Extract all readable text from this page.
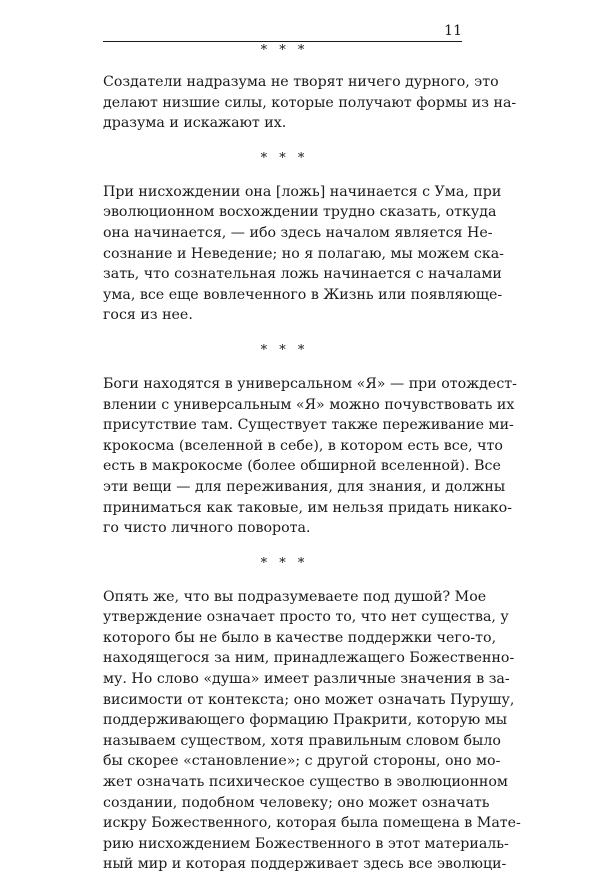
11
* * *

Создатели надразума не творят ничего дурного, это
делают низшие силы, которые получают формы из на-
дразума и искажают их.

* * *

При нисхождении она [ложь] начинается с Ума, при
эволюционном восхождении трудно сказать, откуда
она начинается, — ибо здесь началом является Не-
сознание и Неведение; но я полагаю, мы можем ска-
зать, что сознательная ложь начинается с началами
ума, все еще вовлеченного в Жизнь или появляюще-
гося из нее.

* * *

Боги находятся в универсальном «Я» — при отождест-
влении с универсальным «Я» можно почувствовать их
присутствие там. Существует также переживание ми-
крокосма (вселенной в себе), в котором есть все, что
есть в макрокосме (более обширной вселенной). Все
эти вещи — для переживания, для знания, и должны
приниматься как таковые, им нельзя придать никако-
го чисто личного поворота.

* * *

Опять же, что вы подразумеваете под душой? Мое
утверждение означает просто то, что нет существа, у
которого бы не было в качестве поддержки чего-то,
находящегося за ним, принадлежащего Божественно-
му. Но слово «душа» имеет различные значения в за-
висимости от контекста; оно может означать Пурушу,
поддерживающего формацию Пракрити, которую мы
называем существом, хотя правильным словом было
бы скорее «становление»; с другой стороны, оно мо-
жет означать психическое существо в эволюционном
создании, подобном человеку; оно может означать
искру Божественного, которая была помещена в Мате-
рию нисхождением Божественного в этот материаль-
ный мир и которая поддерживает здесь все эволюци-
